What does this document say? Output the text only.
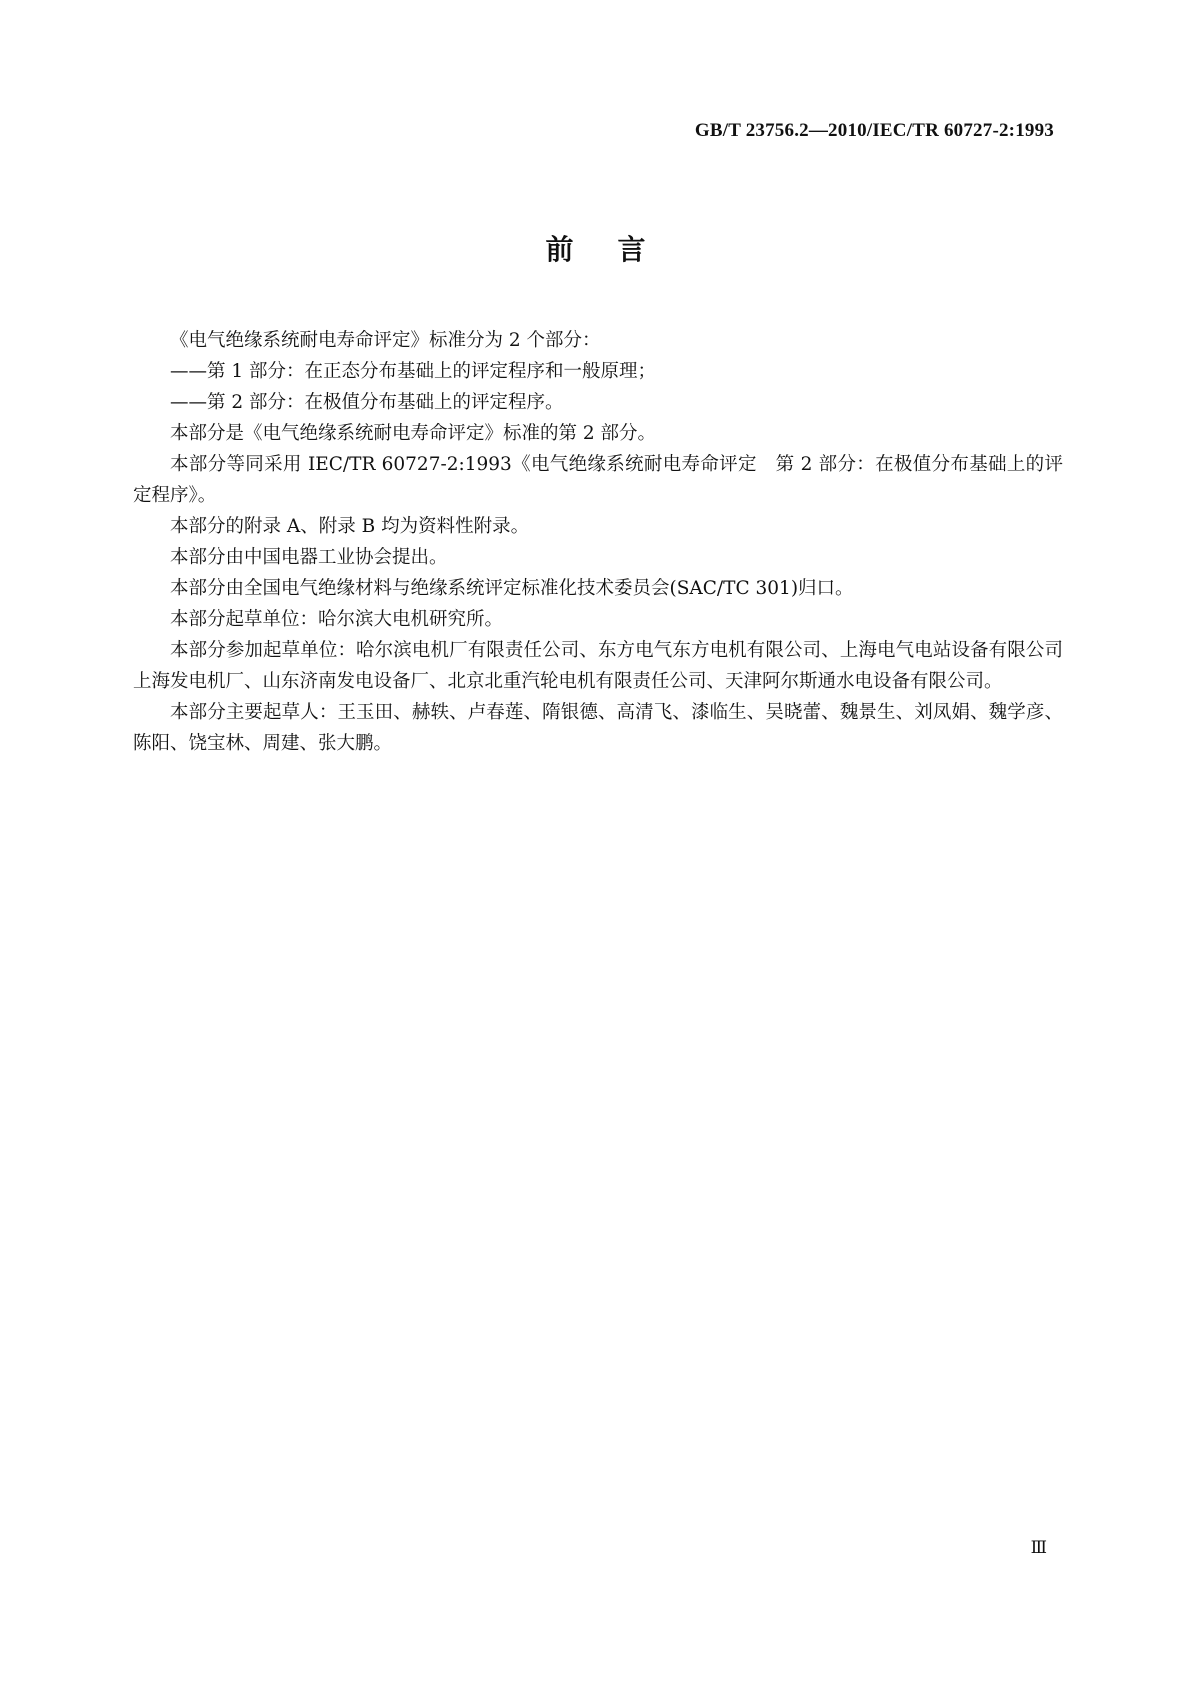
GB/T 23756.2—2010/IEC/TR 60727-2:1993
前言

《电气绝缘系统耐电寿命评定》标准分为 2 个部分：

——第 1 部分：在正态分布基础上的评定程序和一般原理；

——第 2 部分：在极值分布基础上的评定程序。

本部分是《电气绝缘系统耐电寿命评定》标准的第 2 部分。

本部分等同采用 IEC/TR 60727-2:1993《电气绝缘系统耐电寿命评定　第 2 部分：在极值分布基础上的评定程序》。

本部分的附录 A、附录 B 均为资料性附录。

本部分由中国电器工业协会提出。

本部分由全国电气绝缘材料与绝缘系统评定标准化技术委员会(SAC/TC 301)归口。

本部分起草单位：哈尔滨大电机研究所。

本部分参加起草单位：哈尔滨电机厂有限责任公司、东方电气东方电机有限公司、上海电气电站设备有限公司上海发电机厂、山东济南发电设备厂、北京北重汽轮电机有限责任公司、天津阿尔斯通水电设备有限公司。

本部分主要起草人：王玉田、赫轶、卢春莲、隋银德、高清飞、漆临生、吴晓蕾、魏景生、刘凤娟、魏学彦、陈阳、饶宝林、周建、张大鹏。

Ⅲ
